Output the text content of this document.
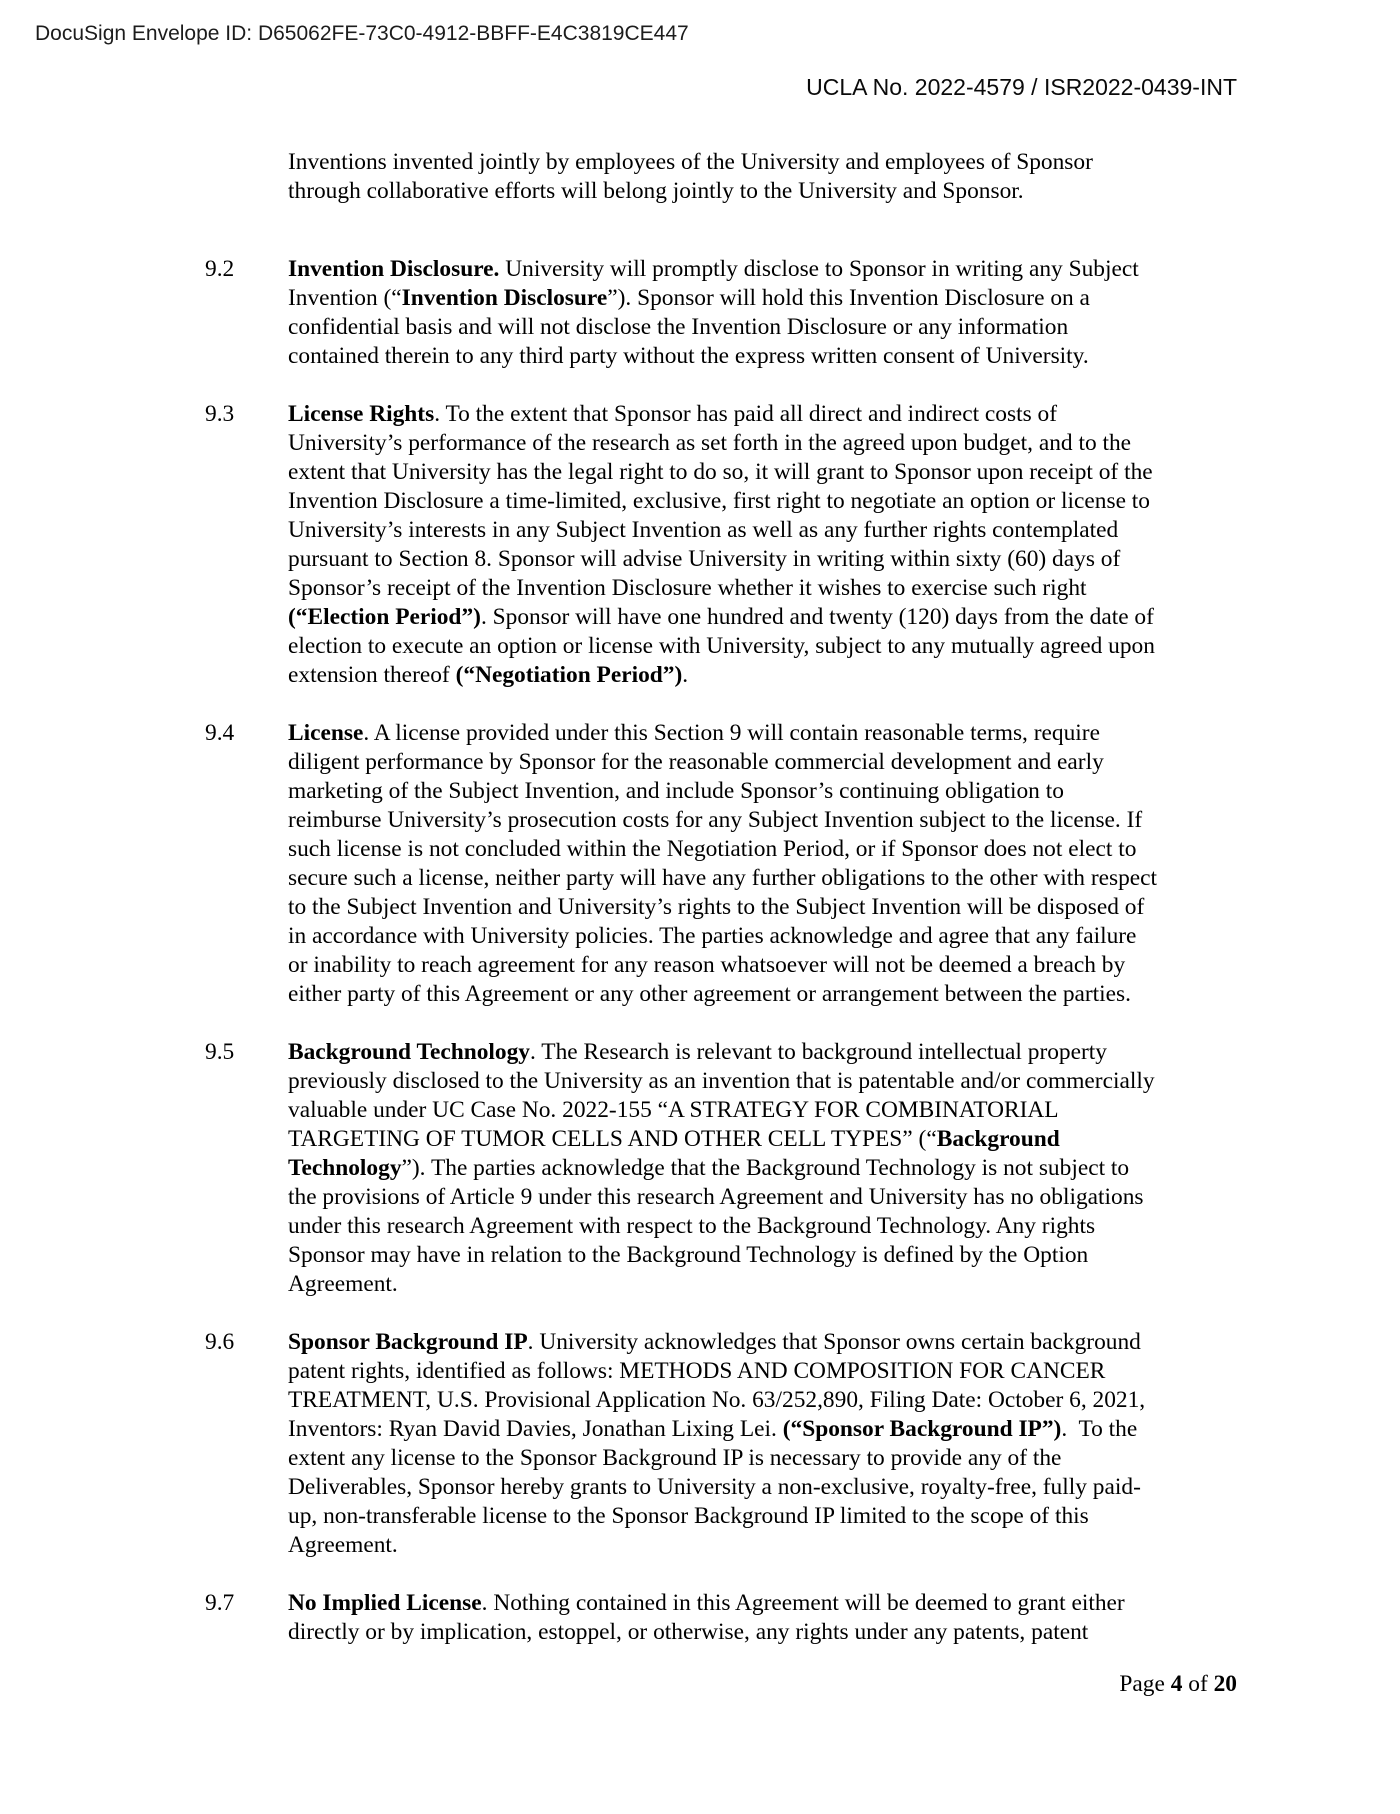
DocuSign Envelope ID: D65062FE-73C0-4912-BBFF-E4C3819CE447
UCLA No. 2022-4579 / ISR2022-0439-INT
Inventions invented jointly by employees of the University and employees of Sponsor
through collaborative efforts will belong jointly to the University and Sponsor.
9.2	Invention Disclosure. University will promptly disclose to Sponsor in writing any Subject
Invention (“Invention Disclosure”). Sponsor will hold this Invention Disclosure on a
confidential basis and will not disclose the Invention Disclosure or any information
contained therein to any third party without the express written consent of University.
9.3	License Rights. To the extent that Sponsor has paid all direct and indirect costs of
University’s performance of the research as set forth in the agreed upon budget, and to the
extent that University has the legal right to do so, it will grant to Sponsor upon receipt of the
Invention Disclosure a time-limited, exclusive, first right to negotiate an option or license to
University’s interests in any Subject Invention as well as any further rights contemplated
pursuant to Section 8. Sponsor will advise University in writing within sixty (60) days of
Sponsor’s receipt of the Invention Disclosure whether it wishes to exercise such right
(“Election Period”). Sponsor will have one hundred and twenty (120) days from the date of
election to execute an option or license with University, subject to any mutually agreed upon
extension thereof (“Negotiation Period”).
9.4	License. A license provided under this Section 9 will contain reasonable terms, require
diligent performance by Sponsor for the reasonable commercial development and early
marketing of the Subject Invention, and include Sponsor’s continuing obligation to
reimburse University’s prosecution costs for any Subject Invention subject to the license. If
such license is not concluded within the Negotiation Period, or if Sponsor does not elect to
secure such a license, neither party will have any further obligations to the other with respect
to the Subject Invention and University’s rights to the Subject Invention will be disposed of
in accordance with University policies. The parties acknowledge and agree that any failure
or inability to reach agreement for any reason whatsoever will not be deemed a breach by
either party of this Agreement or any other agreement or arrangement between the parties.
9.5	Background Technology. The Research is relevant to background intellectual property
previously disclosed to the University as an invention that is patentable and/or commercially
valuable under UC Case No. 2022-155 “A STRATEGY FOR COMBINATORIAL
TARGETING OF TUMOR CELLS AND OTHER CELL TYPES” (“Background
Technology”). The parties acknowledge that the Background Technology is not subject to
the provisions of Article 9 under this research Agreement and University has no obligations
under this research Agreement with respect to the Background Technology. Any rights
Sponsor may have in relation to the Background Technology is defined by the Option
Agreement.
9.6	Sponsor Background IP. University acknowledges that Sponsor owns certain background
patent rights, identified as follows: METHODS AND COMPOSITION FOR CANCER
TREATMENT, U.S. Provisional Application No. 63/252,890, Filing Date: October 6, 2021,
Inventors: Ryan David Davies, Jonathan Lixing Lei. (“Sponsor Background IP”).  To the
extent any license to the Sponsor Background IP is necessary to provide any of the
Deliverables, Sponsor hereby grants to University a non-exclusive, royalty-free, fully paid-
up, non-transferable license to the Sponsor Background IP limited to the scope of this
Agreement.
9.7	No Implied License. Nothing contained in this Agreement will be deemed to grant either
directly or by implication, estoppel, or otherwise, any rights under any patents, patent
Page 4 of 20
